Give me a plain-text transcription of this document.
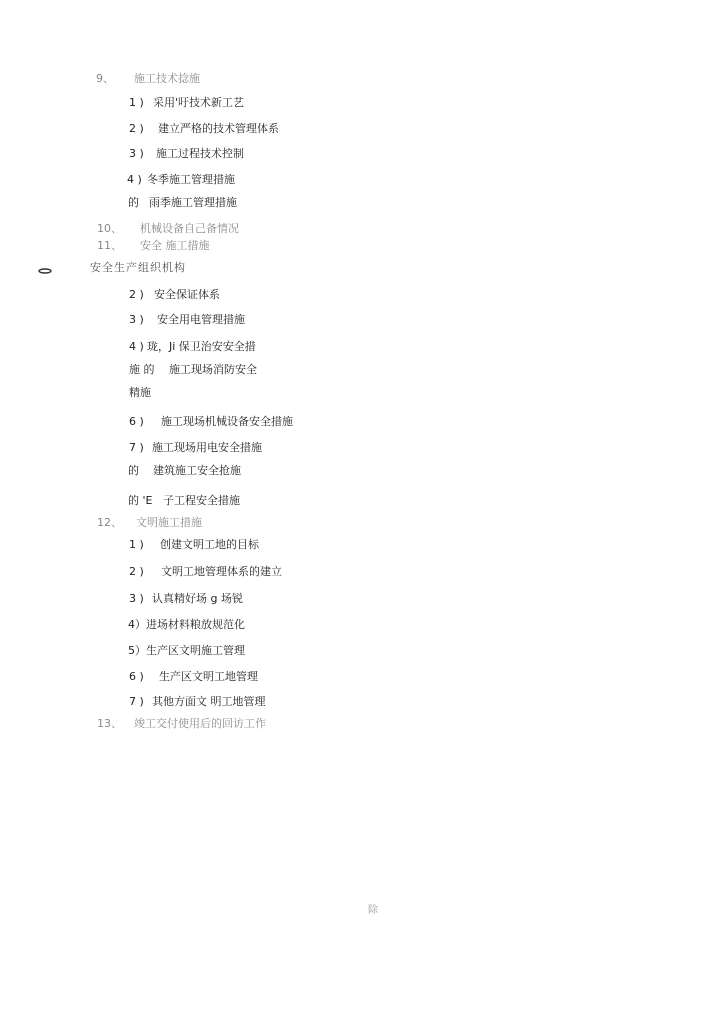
9、 施工技术捻施
1 ) 采用'吁技术新工艺
2 ) 建立严格的技术管理体系
3 ) 施工过程技术控制
4 ) 冬季施工管理措施
的 雨季施工管理措施
10、 机械设备自己备情况
11、 安全 施工措施
安全生产组织机构
2 ) 安全保证体系
3 ) 安全用电管理措施
4 ) 珑，Ji 保卫治安安全措
施 的 施工现场消防安全
精施
6 ) 施工现场机械设备安全措施
7 ) 施工现场用电安全措施
的 建筑施工安全抢施
的 'E 子工程安全措施
12、 文明施工措施
1 ) 创建文明工地的目标
2 ) 文明工地管理体系的建立
3 ) 认真精好场 g 场锐
4）进场材料粮放规范化
5）生产区文明施工管理
6 ) 生产区文明工地管理
7 ) 其他方面文 明工地管理
13、 竣工交付使用后的回访工作
除
